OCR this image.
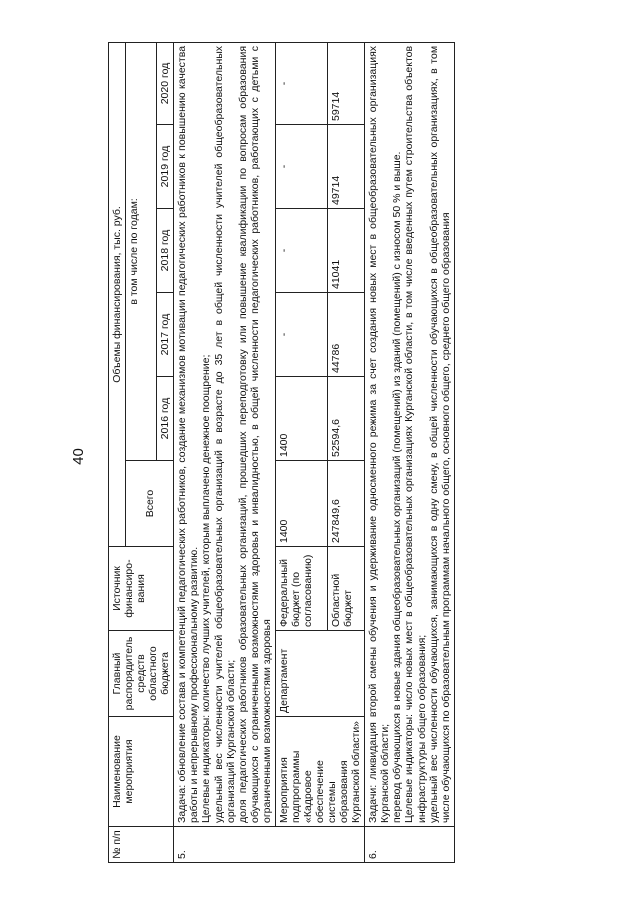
40
№ п/п	Наименование мероприятия	Главный распорядитель средств областного бюджета	Источник финансиро-вания	Объемы финансирования, тыс. руб.					
				Всего	в том числе по годам:				
					2016 год	2017 год	2018 год	2019 год	2020 год
5.	Задача: обновление состава и компетенций педагогических работников, создание механизмов мотивации педагогических работников к повышению качества работы и непрерывному профессиональному развитию. Целевые индикаторы: количество лучших учителей, которым выплачено денежное поощрение; удельный вес численности учителей общеобразовательных организаций в возрасте до 35 лет в общей численности учителей общеобразовательных организаций Курганской области; доля педагогических работников образовательных организаций, прошедших переподготовку или повышение квалификации по вопросам образования обучающихся с ограниченными возможностями здоровья и инвалидностью, в общей численности педагогических работников, работающих с детьми с ограниченными возможностями здоровья								

	Мероприятия подпрограммы «Кадровое обеспечение системы образования Курганской области»	Департамент	Федеральный бюджет (по согласованию)	1400	1400	-	-	-	-
			Областной бюджет	247849,6	52594,6	44786	41041	49714	59714
6.	Задачи: ликвидация второй смены обучения и удерживание односменного режима за счет создания новых мест в общеобразовательных организациях Курганской области; перевод обучающихся в новые здания общеобразовательных организаций (помещений) из зданий (помещений) с износом 50 % и выше. Целевые индикаторы: число новых мест в общеобразовательных организациях Курганской области, в том числе введенных путем строительства объектов инфраструктуры общего образования; удельный вес численности обучающихся, занимающихся в одну смену, в общей численности обучающихся в общеобразовательных организациях, в том числе обучающихся по образовательным программам начального общего, основного общего, среднего общего образования								
